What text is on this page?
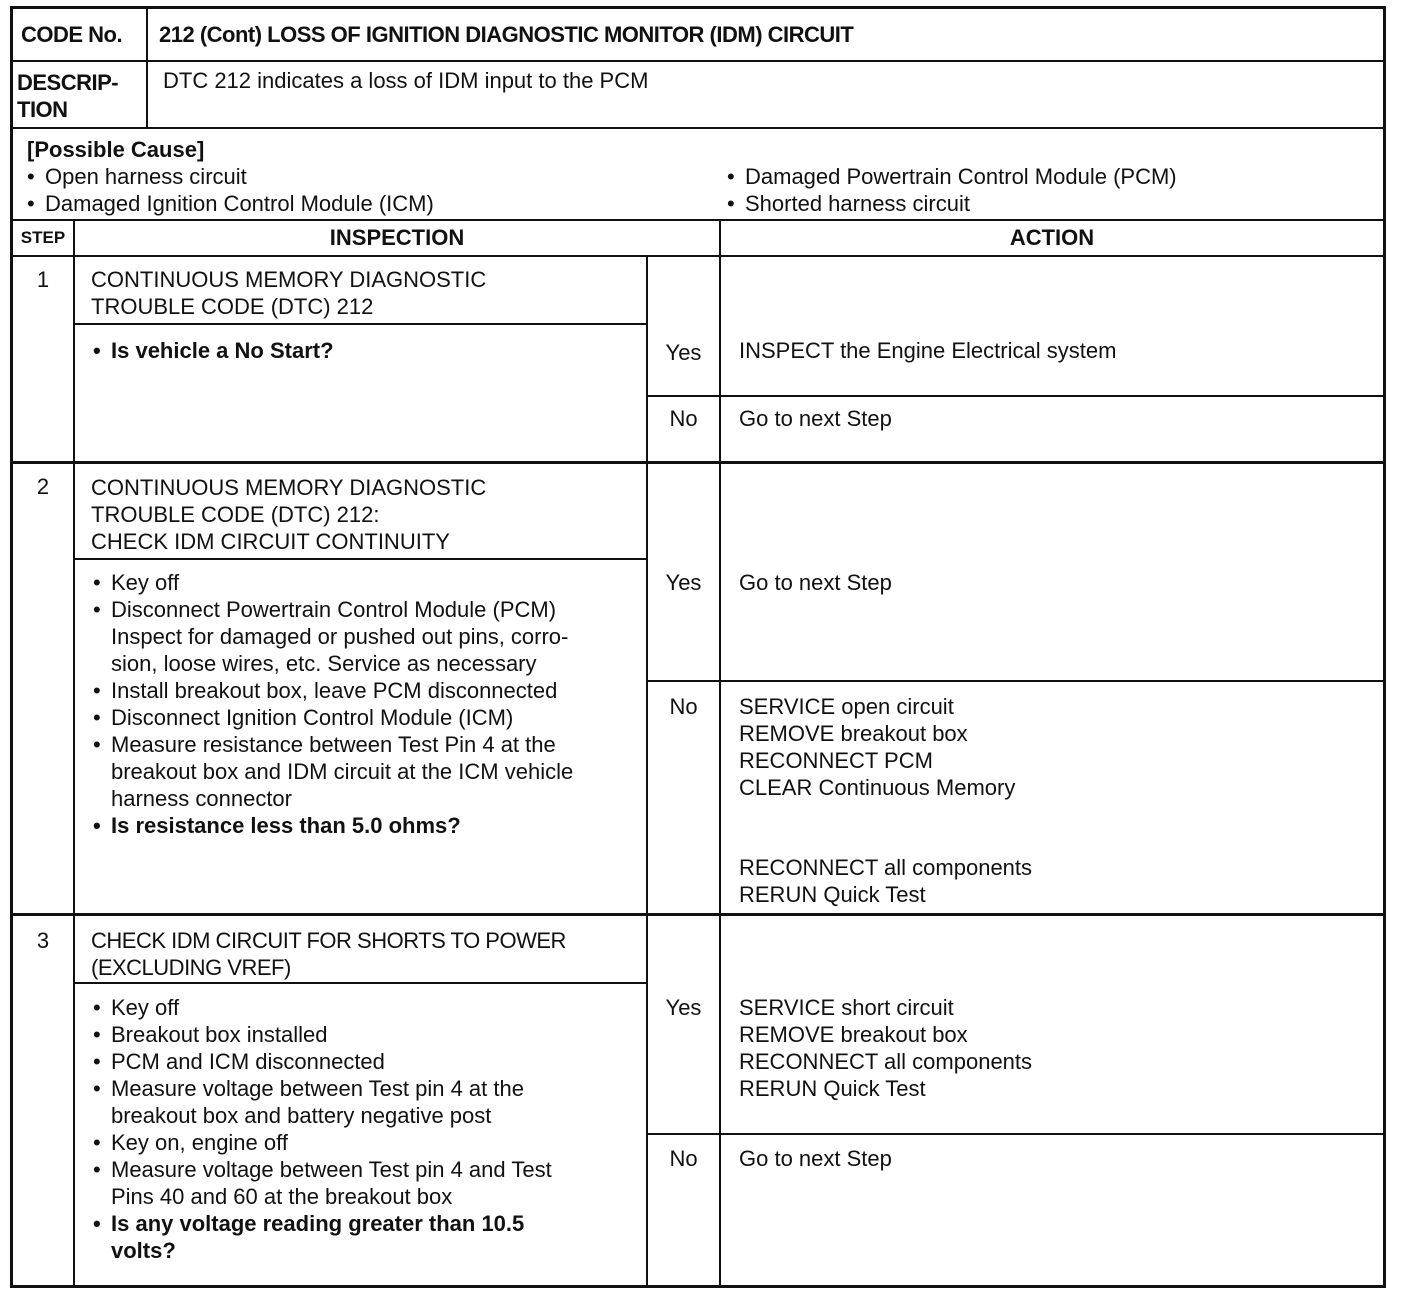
CODE No. 212 (Cont) LOSS OF IGNITION DIAGNOSTIC MONITOR (IDM) CIRCUIT
DESCRIP-
TION
DTC 212 indicates a loss of IDM input to the PCM
[Possible Cause]
• Open harness circuit
• Damaged Ignition Control Module (ICM)
• Damaged Powertrain Control Module (PCM)
• Shorted harness circuit
STEP	INSPECTION	ACTION
1	CONTINUOUS MEMORY DIAGNOSTIC
TROUBLE CODE (DTC) 212
• Is vehicle a No Start?	Yes	INSPECT the Engine Electrical system
No	Go to next Step
2	CONTINUOUS MEMORY DIAGNOSTIC
TROUBLE CODE (DTC) 212:
CHECK IDM CIRCUIT CONTINUITY
• Key off
• Disconnect Powertrain Control Module (PCM)
Inspect for damaged or pushed out pins, corro-
sion, loose wires, etc. Service as necessary
• Install breakout box, leave PCM disconnected
• Disconnect Ignition Control Module (ICM)
• Measure resistance between Test Pin 4 at the
breakout box and IDM circuit at the ICM vehicle
harness connector
• Is resistance less than 5.0 ohms?
Yes	Go to next Step
No	SERVICE open circuit
REMOVE breakout box
RECONNECT PCM
CLEAR Continuous Memory
RECONNECT all components
RERUN Quick Test
3	CHECK IDM CIRCUIT FOR SHORTS TO POWER
(EXCLUDING VREF)
• Key off
• Breakout box installed
• PCM and ICM disconnected
• Measure voltage between Test pin 4 at the
breakout box and battery negative post
• Key on, engine off
• Measure voltage between Test pin 4 and Test
Pins 40 and 60 at the breakout box
• Is any voltage reading greater than 10.5
volts?
Yes	SERVICE short circuit
REMOVE breakout box
RECONNECT all components
RERUN Quick Test
No	Go to next Step
